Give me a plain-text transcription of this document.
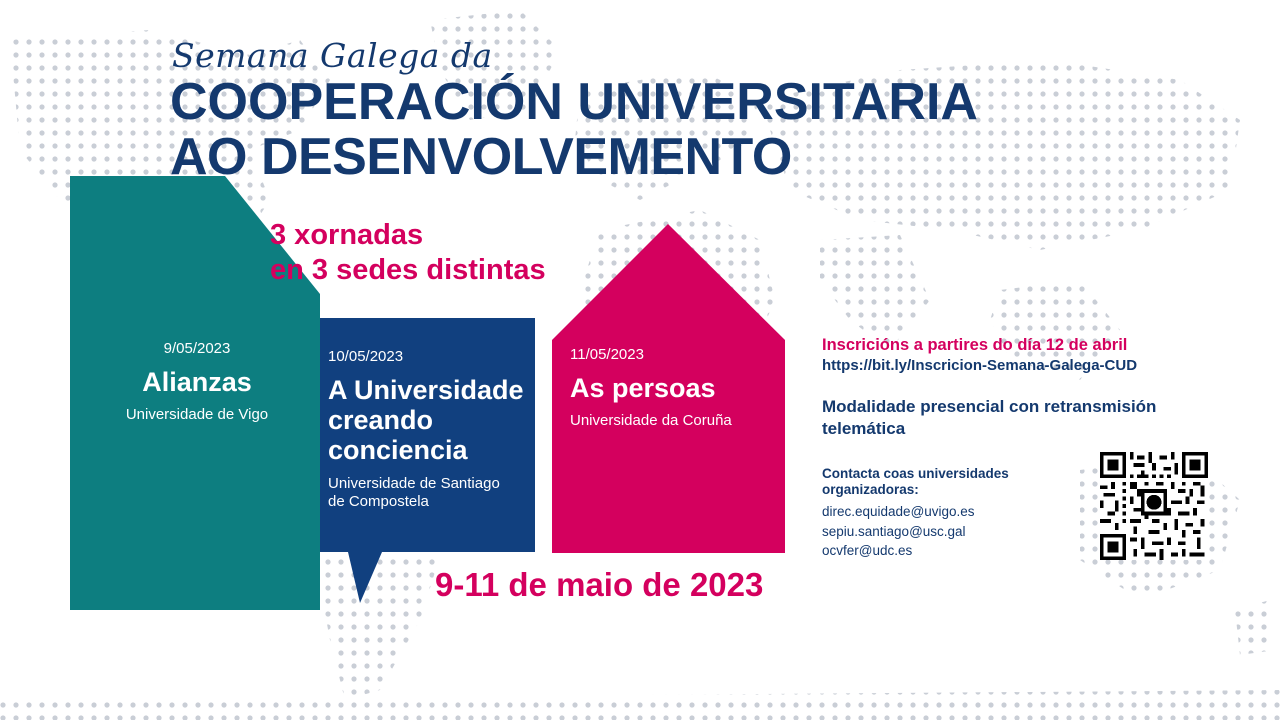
Semana Galega da
COOPERACIÓN UNIVERSITARIA
AO DESENVOLVEMENTO
3 xornadas
en 3 sedes distintas
9/05/2023
Alianzas
Universidade de Vigo
10/05/2023
A Universidade
creando
conciencia
Universidade de Santiago
de Compostela
11/05/2023
As persoas
Universidade da Coruña

Inscricións a partires do día 12 de abril

https://bit.ly/Inscricion-Semana-Galega-CUD

Modalidade presencial con retransmisión
telemática

Contacta coas universidades
organizadoras:

direc.equidade@uvigo.es
sepiu.santiago@usc.gal
ocvfer@udc.es
9-11 de maio de 2023
